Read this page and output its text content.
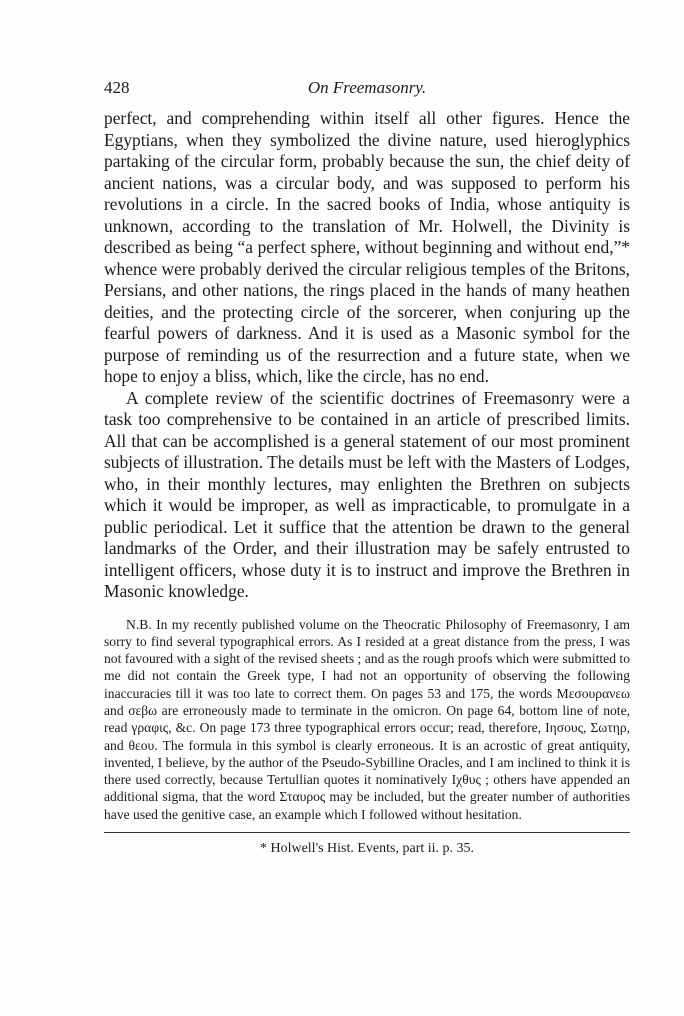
428	On Freemasonry.

perfect, and comprehending within itself all other figures. Hence the Egyptians, when they symbolized the divine nature, used hieroglyphics partaking of the circular form, probably because the sun, the chief deity of ancient nations, was a circular body, and was supposed to perform his revolutions in a circle. In the sacred books of India, whose antiquity is unknown, according to the translation of Mr. Holwell, the Divinity is described as being “a perfect sphere, without beginning and without end,”* whence were probably derived the circular religious temples of the Britons, Persians, and other nations, the rings placed in the hands of many heathen deities, and the protecting circle of the sorcerer, when conjuring up the fearful powers of darkness. And it is used as a Masonic symbol for the purpose of reminding us of the resurrection and a future state, when we hope to enjoy a bliss, which, like the circle, has no end.

A complete review of the scientific doctrines of Freemasonry were a task too comprehensive to be contained in an article of prescribed limits. All that can be accomplished is a general statement of our most prominent subjects of illustration. The details must be left with the Masters of Lodges, who, in their monthly lectures, may enlighten the Brethren on subjects which it would be improper, as well as impracticable, to promulgate in a public periodical. Let it suffice that the attention be drawn to the general landmarks of the Order, and their illustration may be safely entrusted to intelligent officers, whose duty it is to instruct and improve the Brethren in Masonic knowledge.

N.B. In my recently published volume on the Theocratic Philosophy of Freemasonry, I am sorry to find several typographical errors. As I resided at a great distance from the press, I was not favoured with a sight of the revised sheets ; and as the rough proofs which were submitted to me did not contain the Greek type, I had not an opportunity of observing the following inaccuracies till it was too late to correct them. On pages 53 and 175, the words Μεσουρανεω and σεβω are erroneously made to terminate in the omicron. On page 64, bottom line of note, read γραφις, &c. On page 173 three typographical errors occur; read, therefore, Ιησους, Σωτηρ, and θεου. The formula in this symbol is clearly erroneous. It is an acrostic of great antiquity, invented, I believe, by the author of the Pseudo-Sybilline Oracles, and I am inclined to think it is there used correctly, because Tertullian quotes it nominatively Ιχθυς ; others have appended an additional sigma, that the word Σταυρος may be included, but the greater number of authorities have used the genitive case, an example which I followed without hesitation.

* Holwell's Hist. Events, part ii. p. 35.
